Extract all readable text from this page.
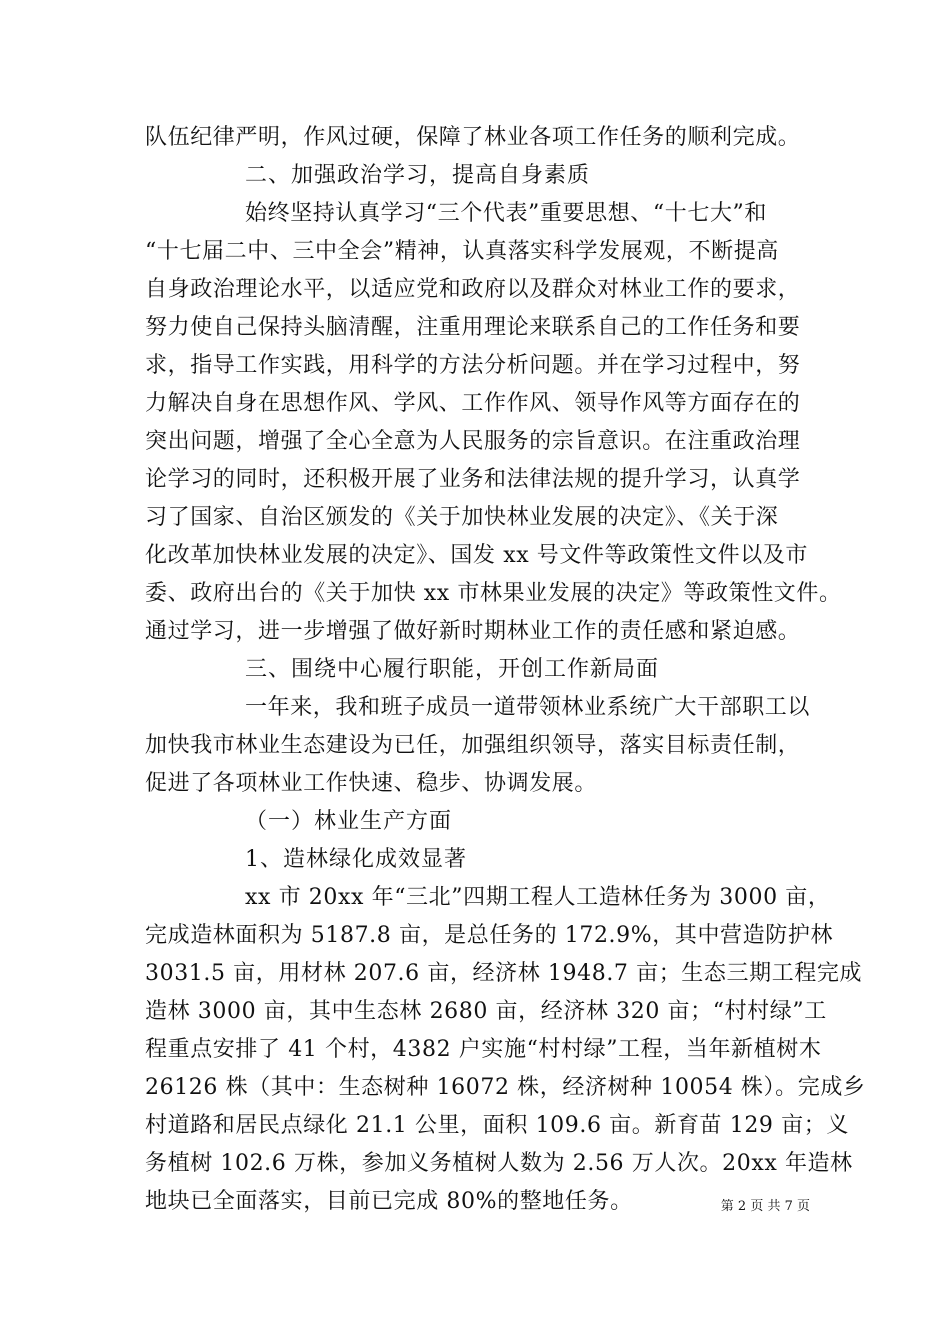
队伍纪律严明，作风过硬，保障了林业各项工作任务的顺利完成。
二、加强政治学习，提高自身素质
始终坚持认真学习“三个代表”重要思想、“十七大”和
“十七届二中、三中全会”精神，认真落实科学发展观，不断提高
自身政治理论水平，以适应党和政府以及群众对林业工作的要求，
努力使自己保持头脑清醒，注重用理论来联系自己的工作任务和要
求，指导工作实践，用科学的方法分析问题。并在学习过程中，努
力解决自身在思想作风、学风、工作作风、领导作风等方面存在的
突出问题，增强了全心全意为人民服务的宗旨意识。在注重政治理
论学习的同时，还积极开展了业务和法律法规的提升学习，认真学
习了国家、自治区颁发的《关于加快林业发展的决定》、《关于深
化改革加快林业发展的决定》、国发 xx 号文件等政策性文件以及市
委、政府出台的《关于加快 xx 市林果业发展的决定》等政策性文件。
通过学习，进一步增强了做好新时期林业工作的责任感和紧迫感。
三、围绕中心履行职能，开创工作新局面
一年来，我和班子成员一道带领林业系统广大干部职工以
加快我市林业生态建设为已任，加强组织领导，落实目标责任制，
促进了各项林业工作快速、稳步、协调发展。
（一）林业生产方面
1、造林绿化成效显著
xx 市 20xx 年“三北”四期工程人工造林任务为 3000 亩，
完成造林面积为 5187.8 亩，是总任务的 172.9%，其中营造防护林
3031.5 亩，用材林 207.6 亩，经济林 1948.7 亩；生态三期工程完成
造林 3000 亩，其中生态林 2680 亩，经济林 320 亩；“村村绿”工
程重点安排了 41 个村，4382 户实施“村村绿”工程，当年新植树木
26126 株（其中：生态树种 16072 株，经济树种 10054 株）。完成乡
村道路和居民点绿化 21.1 公里，面积 109.6 亩。新育苗 129 亩；义
务植树 102.6 万株，参加义务植树人数为 2.56 万人次。20xx 年造林
地块已全面落实，目前已完成 80%的整地任务。	第 2 页 共 7 页
